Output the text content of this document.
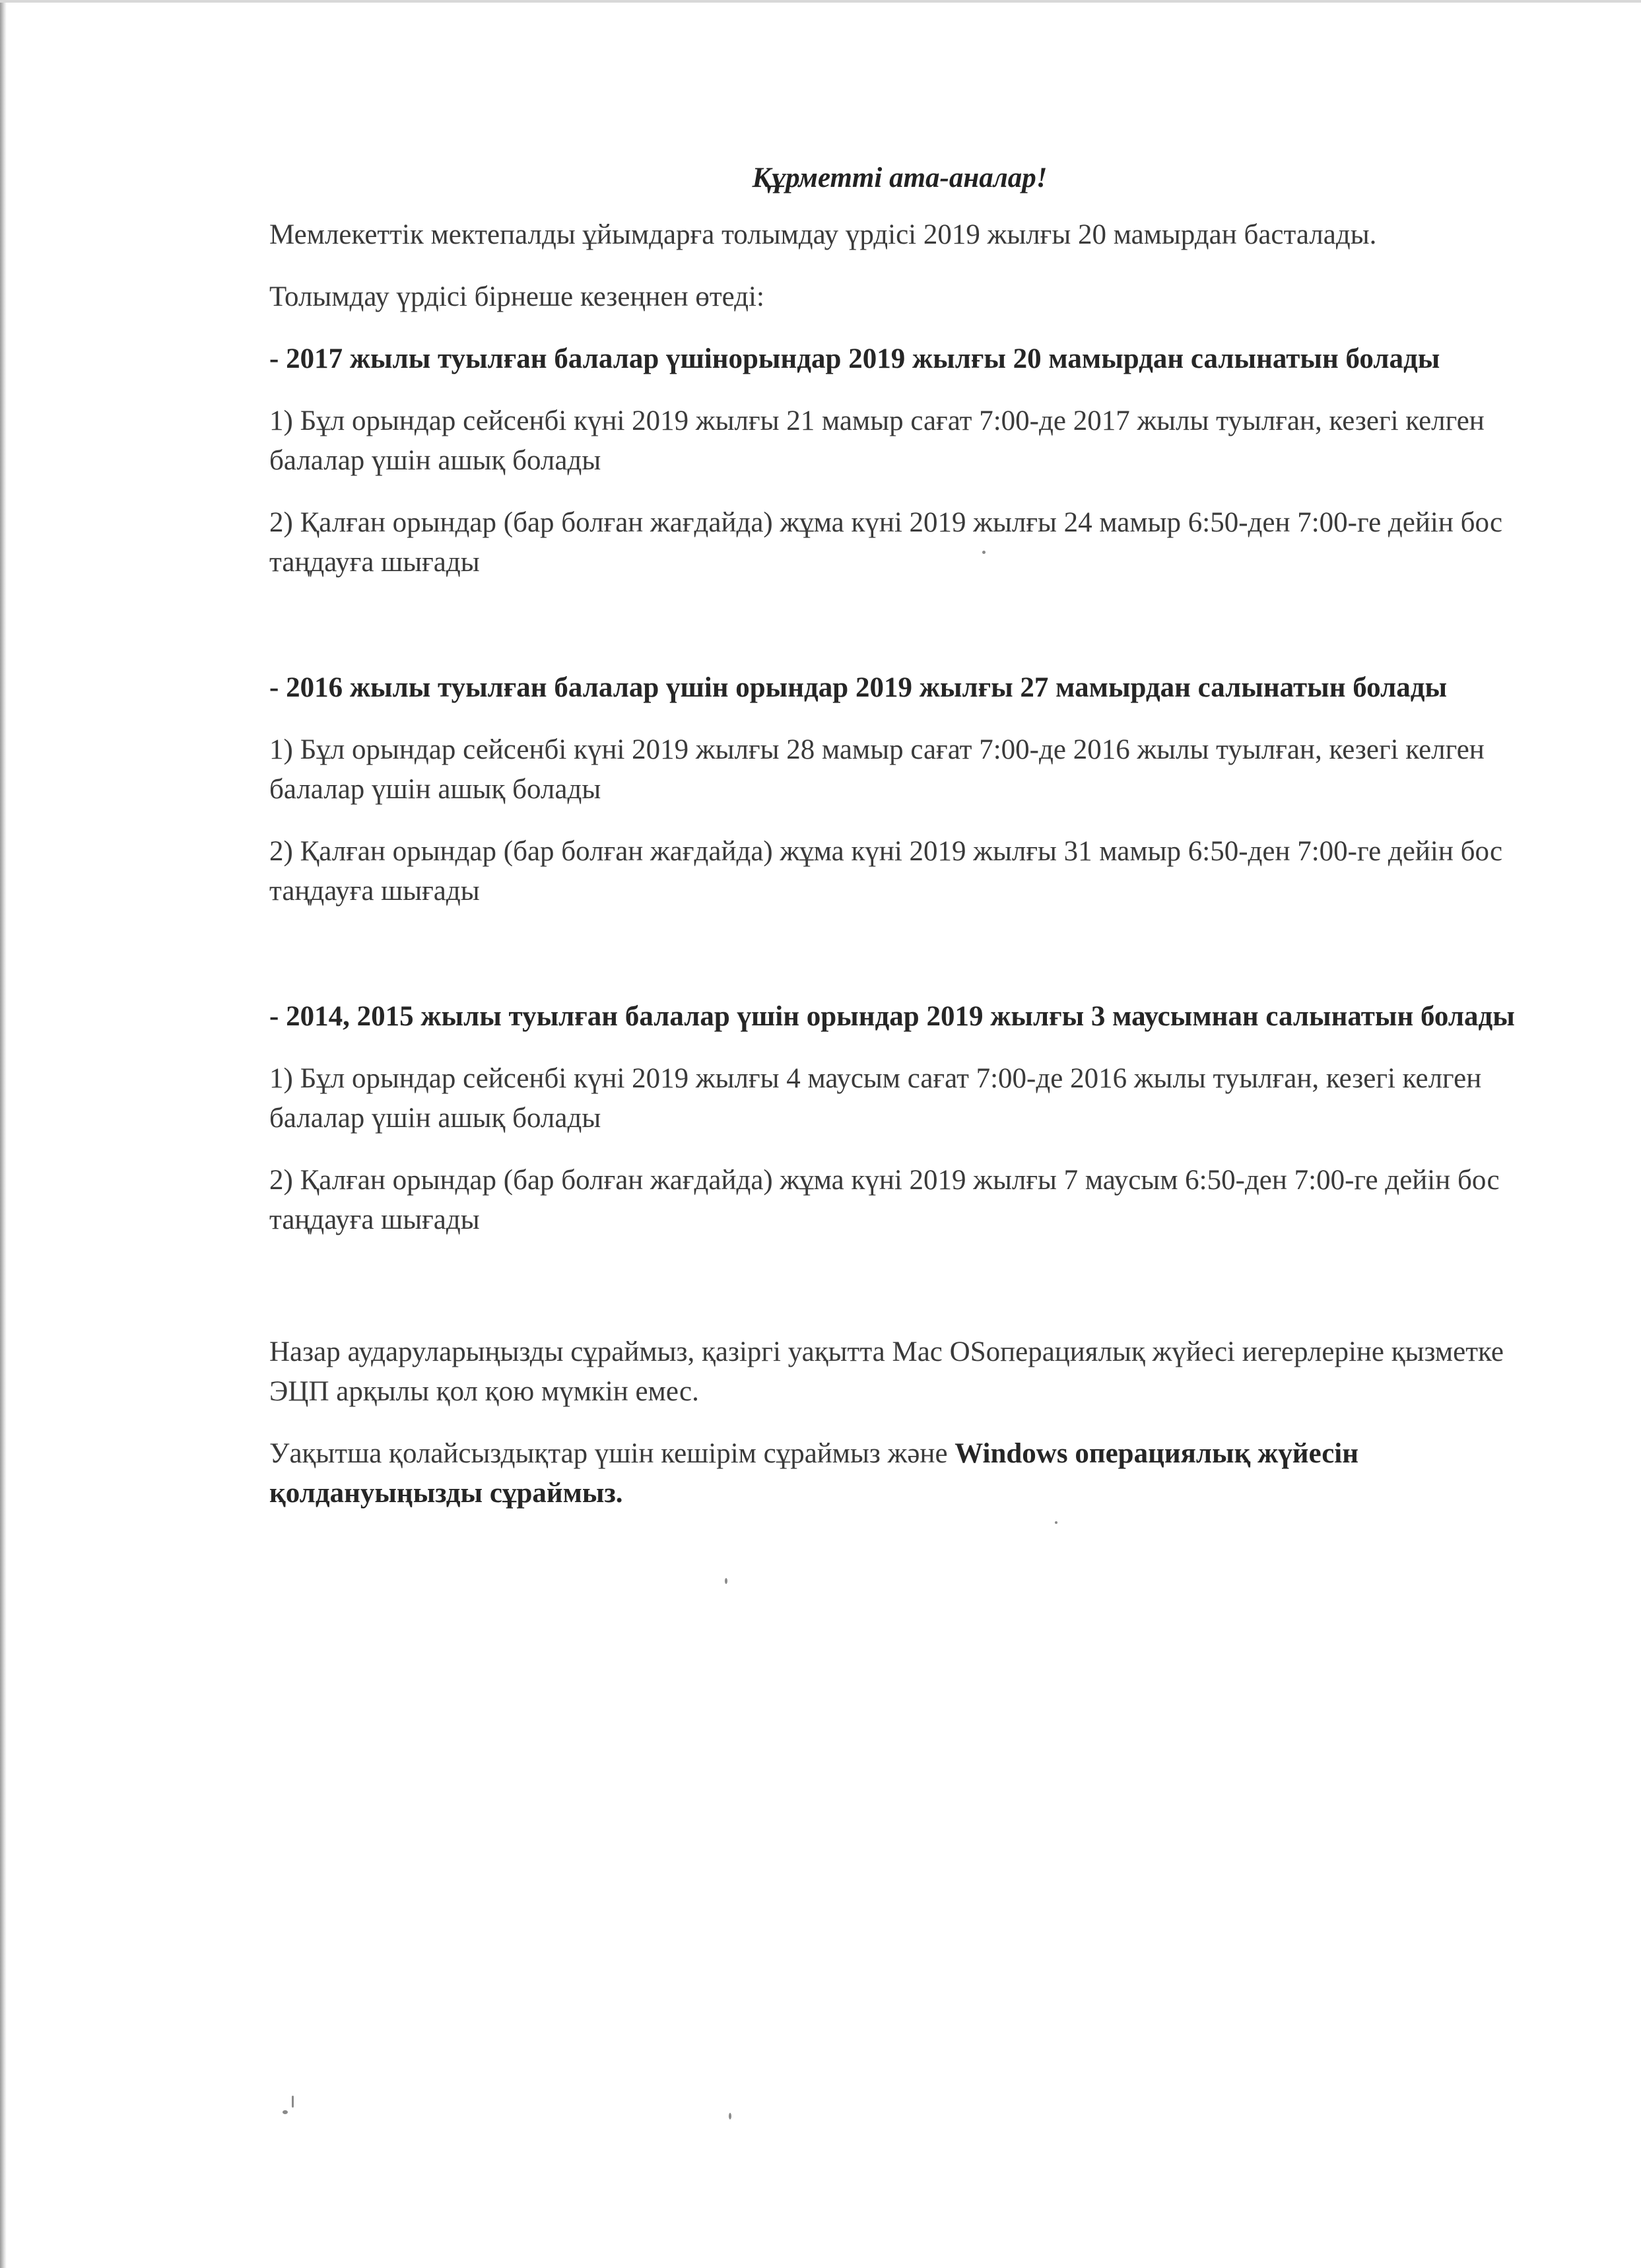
Құрметті ата-аналар!

Мемлекеттік мектепалды ұйымдарға толымдау үрдісі 2019 жылғы 20 мамырдан басталады.

Толымдау үрдісі бірнеше кезеңнен өтеді:

- 2017 жылы туылған балалар үшінорындар 2019 жылғы 20 мамырдан салынатын болады

1) Бұл орындар сейсенбі күні 2019 жылғы 21 мамыр сағат 7:00-де 2017 жылы туылған, кезегі келген балалар үшін ашық болады

2) Қалған орындар (бар болған жағдайда) жұма күні 2019 жылғы 24 мамыр 6:50-ден 7:00-ге дейін бос таңдауға шығады

- 2016 жылы туылған балалар үшін орындар 2019 жылғы 27 мамырдан салынатын болады

1) Бұл орындар сейсенбі күні 2019 жылғы 28 мамыр сағат 7:00-де 2016 жылы туылған, кезегі келген балалар үшін ашық болады

2) Қалған орындар (бар болған жағдайда) жұма күні 2019 жылғы 31 мамыр 6:50-ден 7:00-ге дейін бос таңдауға шығады

- 2014, 2015 жылы туылған балалар үшін орындар 2019 жылғы 3 маусымнан салынатын болады

1) Бұл орындар сейсенбі күні 2019 жылғы 4 маусым сағат 7:00-де 2016 жылы туылған, кезегі келген балалар үшін ашық болады

2) Қалған орындар (бар болған жағдайда) жұма күні 2019 жылғы 7 маусым 6:50-ден 7:00-ге дейін бос таңдауға шығады

Назар аударуларыңызды сұраймыз, қазіргі уақытта Mac OSоперациялық жүйесі иегерлеріне қызметке ЭЦП арқылы қол қою мүмкін емес.

Уақытша қолайсыздықтар үшін кешірім сұраймыз және Windows операциялық жүйесін қолдануыңызды сұраймыз.
